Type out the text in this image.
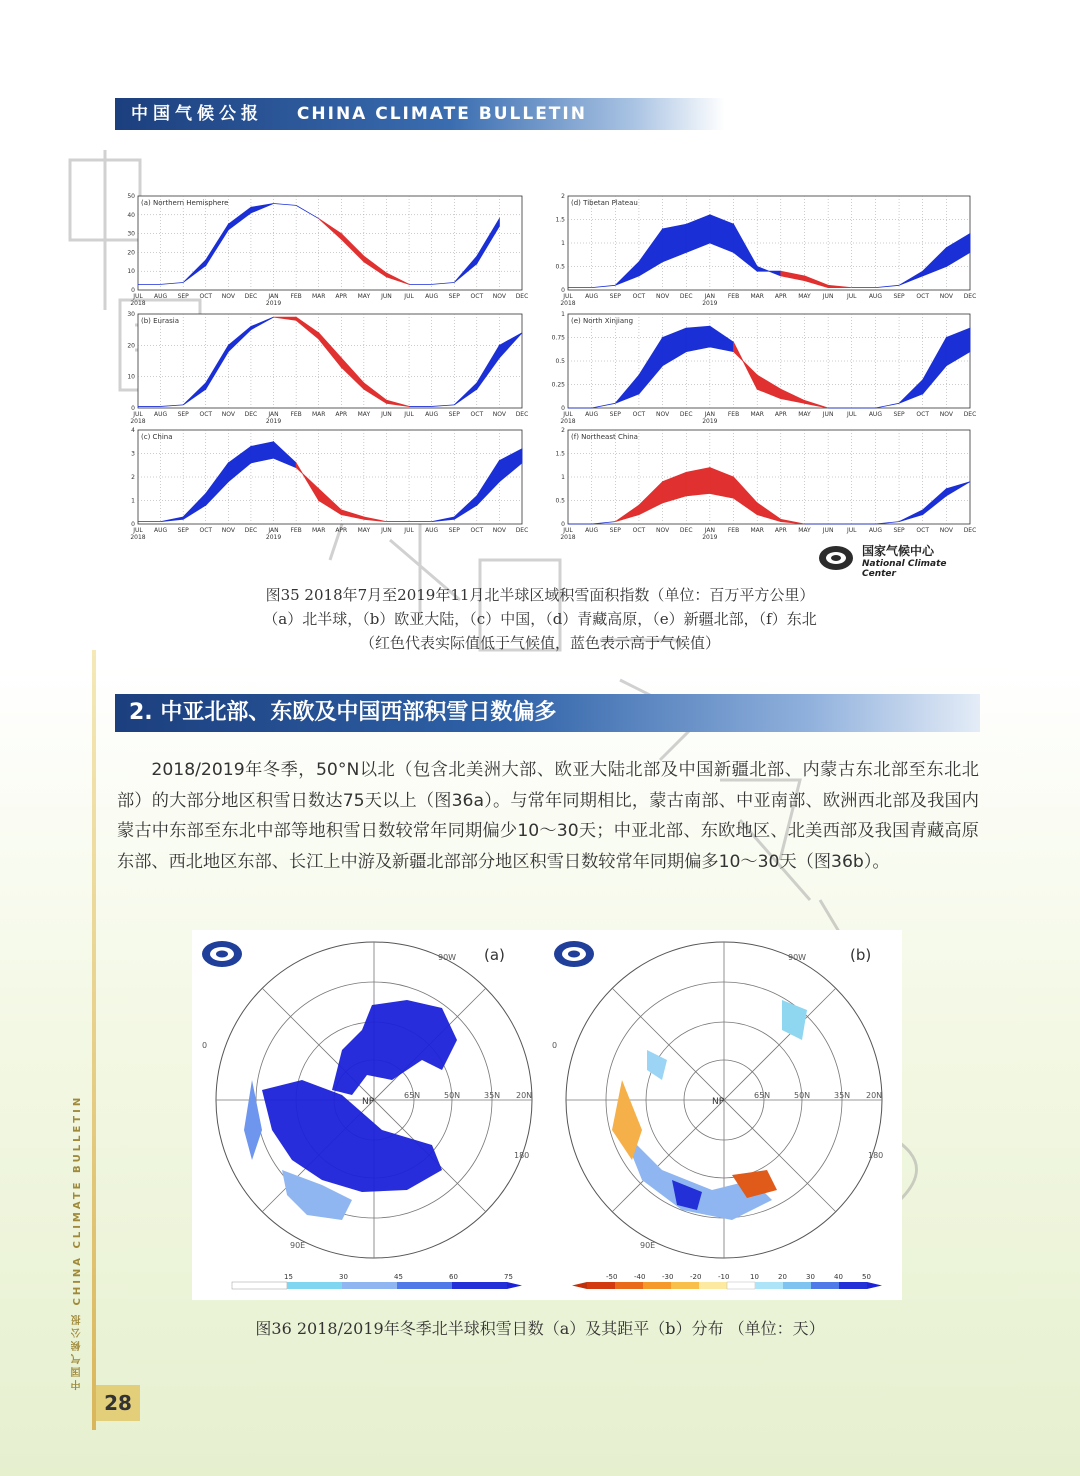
中国气候公报 CHINA CLIMATE BULLETIN
0
10
20
30
40
50
JUL AUG SEP OCT NOV DEC JAN FEB MAR APR MAY JUN JUL AUG SEP OCT NOV DEC
2018	2019
(a) Northern Hemisphere
0
10
20
30
JUL AUG SEP OCT NOV DEC JAN FEB MAR APR MAY JUN JUL AUG SEP OCT NOV DEC
2018	2019
(b) Eurasia
0
1
2
3
4
JUL AUG SEP OCT NOV DEC JAN FEB MAR APR MAY JUN JUL AUG SEP OCT NOV DEC
2018	2019
(c) China
0
0.5
1
1.5
2
JUL AUG SEP OCT NOV DEC JAN FEB MAR APR MAY JUN JUL AUG SEP OCT NOV DEC
2018	2019
(d) Tibetan Plateau
0
0.25
0.5
0.75
1
JUL AUG SEP OCT NOV DEC JAN FEB MAR APR MAY JUN JUL AUG SEP OCT NOV DEC
2018	2019
(e) North Xinjiang
0
0.5
1
1.5
2
JUL AUG SEP OCT NOV DEC JAN FEB MAR APR MAY JUN JUL AUG SEP OCT NOV DEC
2018	2019
(f) Northeast China
国家气候中心
National Climate Center
图35 2018年7月至2019年11月北半球区域积雪面积指数（单位：百万平方公里）
（a）北半球，（b）欧亚大陆，（c）中国，（d）青藏高原，（e）新疆北部，（f）东北
（红色代表实际值低于气候值，蓝色表示高于气候值）
2. 中亚北部、东欧及中国西部积雪日数偏多
2018/2019年冬季，50°N以北（包含北美洲大部、欧亚大陆北部及中国新疆北部、内蒙古东北部至东北北部）的大部分地区积雪日数达75天以上（图36a）。与常年同期相比，蒙古南部、中亚南部、欧洲西北部及我国内蒙古中东部至东北中部等地积雪日数较常年同期偏少10～30天；中亚北部、东欧地区、北美西部及我国青藏高原东部、西北地区东部、长江上中游及新疆北部部分地区积雪日数较常年同期偏多10～30天（图36b）。
(a)
NP
15	30	45	60	75
(b)
NP
-50 -40 -30 -20 -10	10	20	30	40	50
65N	50N	35N 20N	65N	50N	35N 20N
0	0
90E	90E
180	180
90W	90W
图36 2018/2019年冬季北半球积雪日数（a）及其距平（b）分布 （单位：天）
中国气候公报 CHINA CLIMATE BULLETIN
28
